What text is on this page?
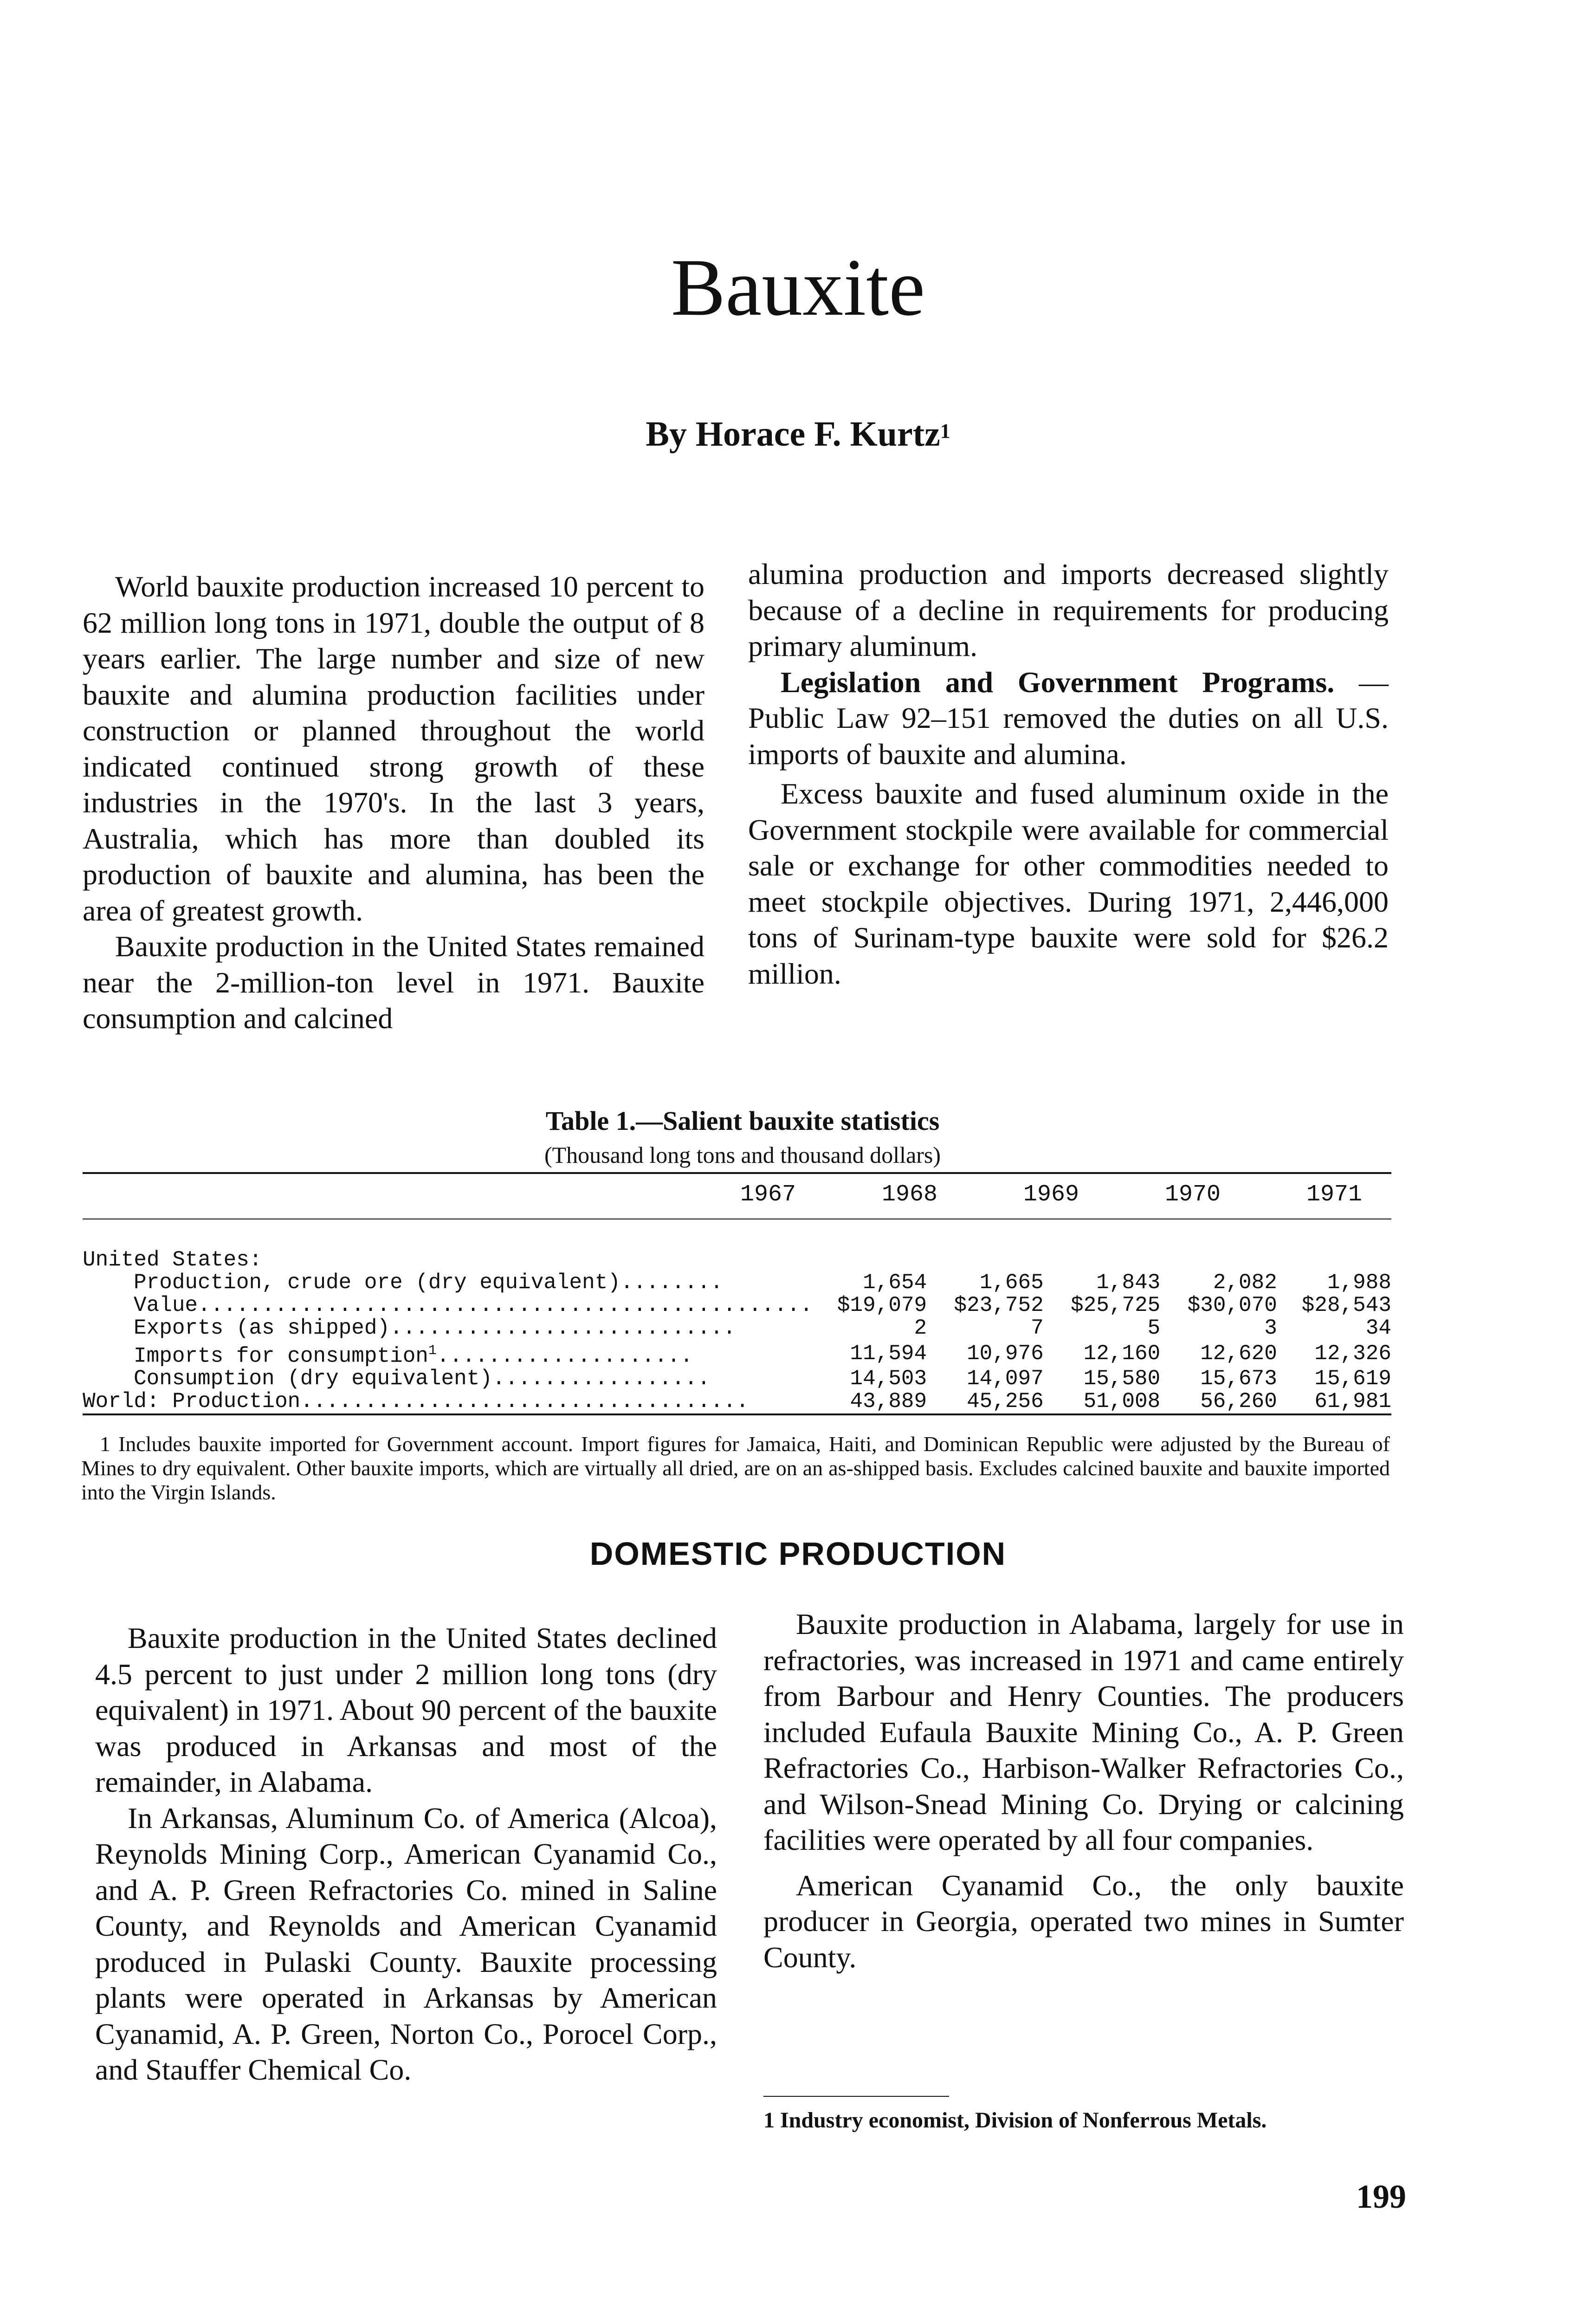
Bauxite
By Horace F. Kurtz$^1$

World bauxite production increased 10 percent to 62 million long tons in 1971, double the output of 8 years earlier. The large number and size of new bauxite and alumina production facilities under construction or planned throughout the world indicated continued strong growth of these industries in the 1970's. In the last 3 years, Australia, which has more than doubled its production of bauxite and alumina, has been the area of greatest growth.

Bauxite production in the United States remained near the 2-million-ton level in 1971. Bauxite consumption and calcined

alumina production and imports decreased slightly because of a decline in requirements for producing primary aluminum.

Legislation and Government Programs. —Public Law 92–151 removed the duties on all U.S. imports of bauxite and alumina.

Excess bauxite and fused aluminum oxide in the Government stockpile were available for commercial sale or exchange for other commodities needed to meet stockpile objectives. During 1971, 2,446,000 tons of Surinam-type bauxite were sold for $26.2 million.

Table 1.—Salient bauxite statistics
(Thousand long tons and thousand dollars)
1967	1968	1969	1970	1971
United States:					
Production, crude ore (dry equivalent)........	1,654	1,665	1,843	2,082	1,988
Value................................................	$19,079	$23,752	$25,725	$30,070	$28,543
Exports (as shipped)...........................	2	7	5	3	34
Imports for consumption$^1$....................	11,594	10,976	12,160	12,620	12,326
Consumption (dry equivalent).................	14,503	14,097	15,580	15,673	15,619
World: Production...................................	43,889	45,256	51,008	56,260	61,981

1 Includes bauxite imported for Government account. Import figures for Jamaica, Haiti, and Dominican Republic were adjusted by the Bureau of Mines to dry equivalent. Other bauxite imports, which are virtually all dried, are on an as-shipped basis. Excludes calcined bauxite and bauxite imported into the Virgin Islands.

DOMESTIC PRODUCTION

Bauxite production in the United States declined 4.5 percent to just under 2 million long tons (dry equivalent) in 1971. About 90 percent of the bauxite was produced in Arkansas and most of the remainder, in Alabama.

In Arkansas, Aluminum Co. of America (Alcoa), Reynolds Mining Corp., American Cyanamid Co., and A. P. Green Refractories Co. mined in Saline County, and Reynolds and American Cyanamid produced in Pulaski County. Bauxite processing plants were operated in Arkansas by American Cyanamid, A. P. Green, Norton Co., Porocel Corp., and Stauffer Chemical Co.

Bauxite production in Alabama, largely for use in refractories, was increased in 1971 and came entirely from Barbour and Henry Counties. The producers included Eufaula Bauxite Mining Co., A. P. Green Refractories Co., Harbison-Walker Refractories Co., and Wilson-Snead Mining Co. Drying or calcining facilities were operated by all four companies.

American Cyanamid Co., the only bauxite producer in Georgia, operated two mines in Sumter County.

1 Industry economist, Division of Nonferrous Metals.
199
